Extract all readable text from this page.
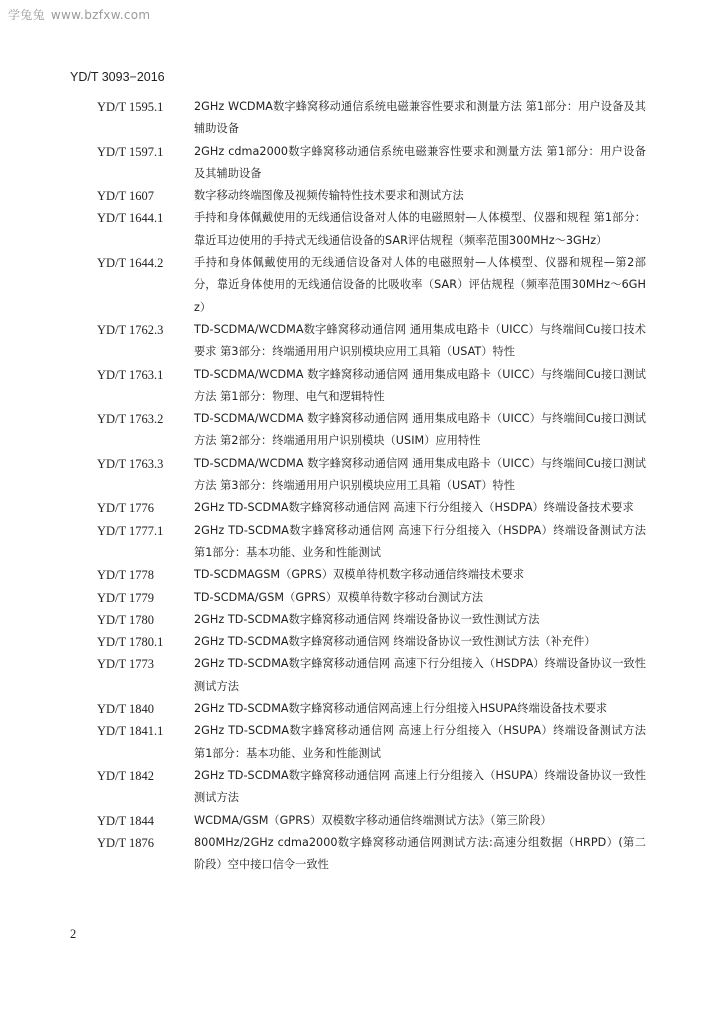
学兔兔 www.bzfxw.com
YD/T 3093−2016
YD/T 1595.1	2GHz WCDMA数字蜂窝移动通信系统电磁兼容性要求和测量方法 第1部分：用户设备及其辅助设备
YD/T 1597.1	2GHz cdma2000数字蜂窝移动通信系统电磁兼容性要求和测量方法 第1部分：用户设备及其辅助设备
YD/T 1607	数字移动终端图像及视频传输特性技术要求和测试方法
YD/T 1644.1	手持和身体佩戴使用的无线通信设备对人体的电磁照射—人体模型、仪器和规程 第1部分：靠近耳边使用的手持式无线通信设备的SAR评估规程（频率范围300MHz～3GHz）
YD/T 1644.2	手持和身体佩戴使用的无线通信设备对人体的电磁照射—人体模型、仪器和规程—第2部分，靠近身体使用的无线通信设备的比吸收率（SAR）评估规程（频率范围30MHz～6GHz）
YD/T 1762.3	TD-SCDMA/WCDMA数字蜂窝移动通信网 通用集成电路卡（UICC）与终端间Cu接口技术要求 第3部分：终端通用用户识别模块应用工具箱（USAT）特性
YD/T 1763.1	TD-SCDMA/WCDMA 数字蜂窝移动通信网 通用集成电路卡（UICC）与终端间Cu接口测试方法 第1部分：物理、电气和逻辑特性
YD/T 1763.2	TD-SCDMA/WCDMA 数字蜂窝移动通信网 通用集成电路卡（UICC）与终端间Cu接口测试方法 第2部分：终端通用用户识别模块（USIM）应用特性
YD/T 1763.3	TD-SCDMA/WCDMA 数字蜂窝移动通信网 通用集成电路卡（UICC）与终端间Cu接口测试方法 第3部分：终端通用用户识别模块应用工具箱（USAT）特性
YD/T 1776	2GHz TD-SCDMA数字蜂窝移动通信网 高速下行分组接入（HSDPA）终端设备技术要求
YD/T 1777.1	2GHz TD-SCDMA数字蜂窝移动通信网 高速下行分组接入（HSDPA）终端设备测试方法 第1部分：基本功能、业务和性能测试
YD/T 1778	TD-SCDMAGSM（GPRS）双模单待机数字移动通信终端技术要求
YD/T 1779	TD-SCDMA/GSM（GPRS）双模单待数字移动台测试方法
YD/T 1780	2GHz TD-SCDMA数字蜂窝移动通信网 终端设备协议一致性测试方法
YD/T 1780.1	2GHz TD-SCDMA数字蜂窝移动通信网 终端设备协议一致性测试方法（补充件）
YD/T 1773	2GHz TD-SCDMA数字蜂窝移动通信网 高速下行分组接入（HSDPA）终端设备协议一致性测试方法
YD/T 1840	2GHz TD-SCDMA数字蜂窝移动通信网高速上行分组接入HSUPA终端设备技术要求
YD/T 1841.1	2GHz TD-SCDMA数字蜂窝移动通信网 高速上行分组接入（HSUPA）终端设备测试方法 第1部分：基本功能、业务和性能测试
YD/T 1842	2GHz TD-SCDMA数字蜂窝移动通信网 高速上行分组接入（HSUPA）终端设备协议一致性测试方法
YD/T 1844	WCDMA/GSM（GPRS）双模数字移动通信终端测试方法》（第三阶段）
YD/T 1876	800MHz/2GHz cdma2000数字蜂窝移动通信网测试方法:高速分组数据（HRPD）(第二阶段）空中接口信令一致性
2
